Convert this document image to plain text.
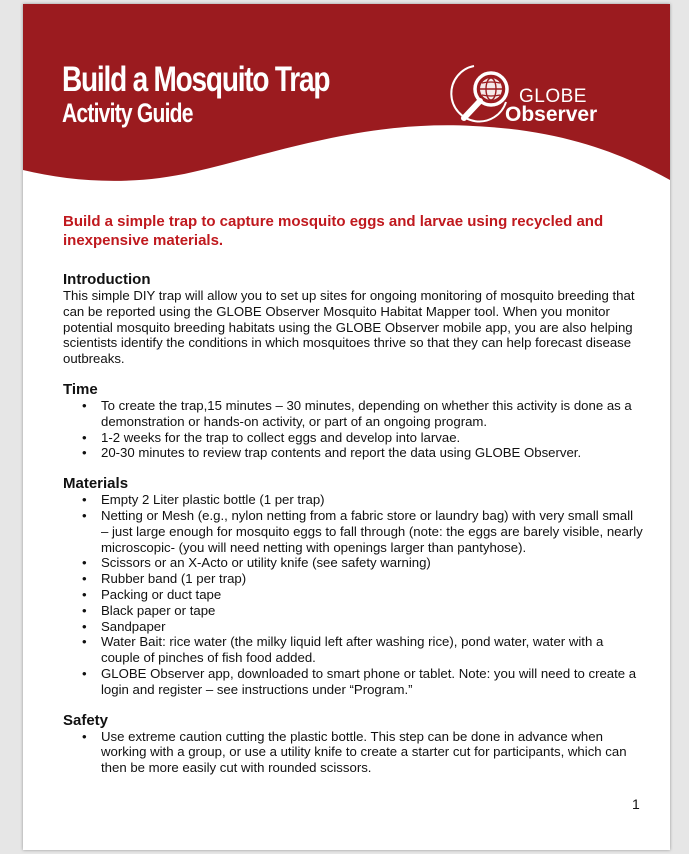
Build a Mosquito Trap
Activity Guide
GLOBE
Observer

Build a simple trap to capture mosquito eggs and larvae using recycled and inexpensive materials.

Introduction

This simple DIY trap will allow you to set up sites for ongoing monitoring of mosquito breeding that can be reported using the GLOBE Observer Mosquito Habitat Mapper tool. When you monitor potential mosquito breeding habitats using the GLOBE Observer mobile app, you are also helping scientists identify the conditions in which mosquitoes thrive so that they can help forecast disease outbreaks.

Time
• To create the trap,15 minutes – 30 minutes, depending on whether this activity is done as a demonstration or hands-on activity, or part of an ongoing program.
• 1-2 weeks for the trap to collect eggs and develop into larvae.
• 20-30 minutes to review trap contents and report the data using GLOBE Observer.
Materials
• Empty 2 Liter plastic bottle (1 per trap)
• Netting or Mesh (e.g., nylon netting from a fabric store or laundry bag) with very small small – just large enough for mosquito eggs to fall through (note: the eggs are barely visible, nearly microscopic- (you will need netting with openings larger than pantyhose).
• Scissors or an X-Acto or utility knife (see safety warning)
• Rubber band (1 per trap)
• Packing or duct tape
• Black paper or tape
• Sandpaper
• Water Bait: rice water (the milky liquid left after washing rice), pond water, water with a couple of pinches of fish food added.
• GLOBE Observer app, downloaded to smart phone or tablet. Note: you will need to create a login and register – see instructions under “Program.”
Safety
• Use extreme caution cutting the plastic bottle. This step can be done in advance when working with a group, or use a utility knife to create a starter cut for participants, which can then be more easily cut with rounded scissors.
1
